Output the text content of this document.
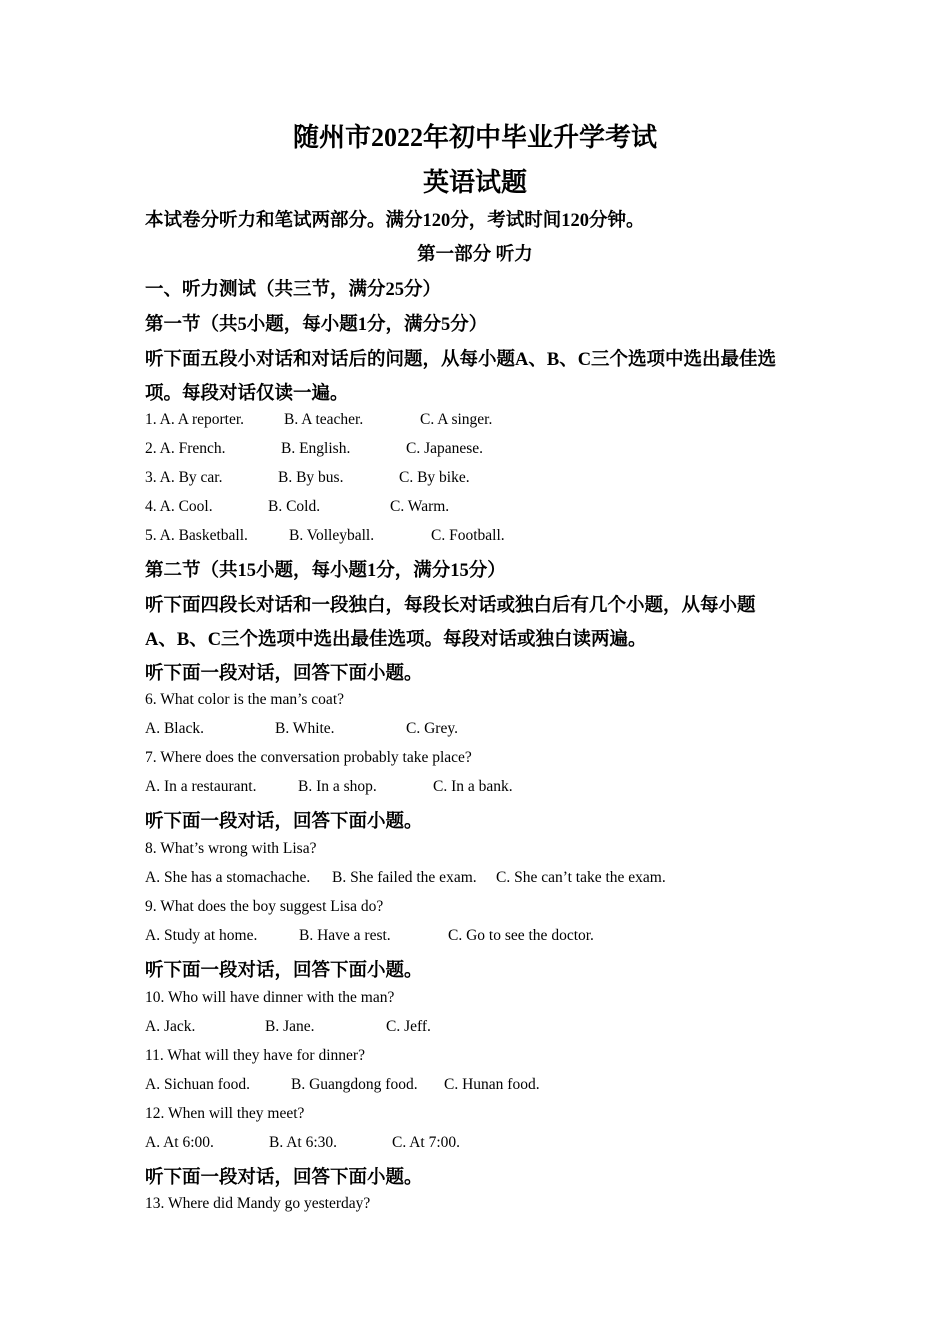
随州市2022年初中毕业升学考试
英语试题
本试卷分听力和笔试两部分。满分120分，考试时间120分钟。
第一部分 听力
一、听力测试（共三节，满分25分）
第一节（共5小题，每小题1分，满分5分）
听下面五段小对话和对话后的问题，从每小题A、B、C三个选项中选出最佳选
项。每段对话仅读一遍。
1. A. A reporter.	B. A teacher.	C. A singer.
2. A. French.	B. English.	C. Japanese.
3. A. By car.	B. By bus.	C. By bike.
4. A. Cool.	B. Cold.	C. Warm.
5. A. Basketball.	B. Volleyball.	C. Football.
第二节（共15小题，每小题1分，满分15分）
听下面四段长对话和一段独白，每段长对话或独白后有几个小题，从每小题
A、B、C三个选项中选出最佳选项。每段对话或独白读两遍。
听下面一段对话，回答下面小题。
6. What color is the man’s coat?
A. Black.	B. White.	C. Grey.
7. Where does the conversation probably take place?
A. In a restaurant.	B. In a shop.	C. In a bank.
听下面一段对话，回答下面小题。
8. What’s wrong with Lisa?
A. She has a stomachache. B. She failed the exam. C. She can’t take the exam.
9. What does the boy suggest Lisa do?
A. Study at home.	B. Have a rest.	C. Go to see the doctor.
听下面一段对话，回答下面小题。
10. Who will have dinner with the man?
A. Jack.	B. Jane.	C. Jeff.
11. What will they have for dinner?
A. Sichuan food.	B. Guangdong food. C. Hunan food.
12. When will they meet?
A. At 6:00.	B. At 6:30.	C. At 7:00.
听下面一段对话，回答下面小题。
13. Where did Mandy go yesterday?
